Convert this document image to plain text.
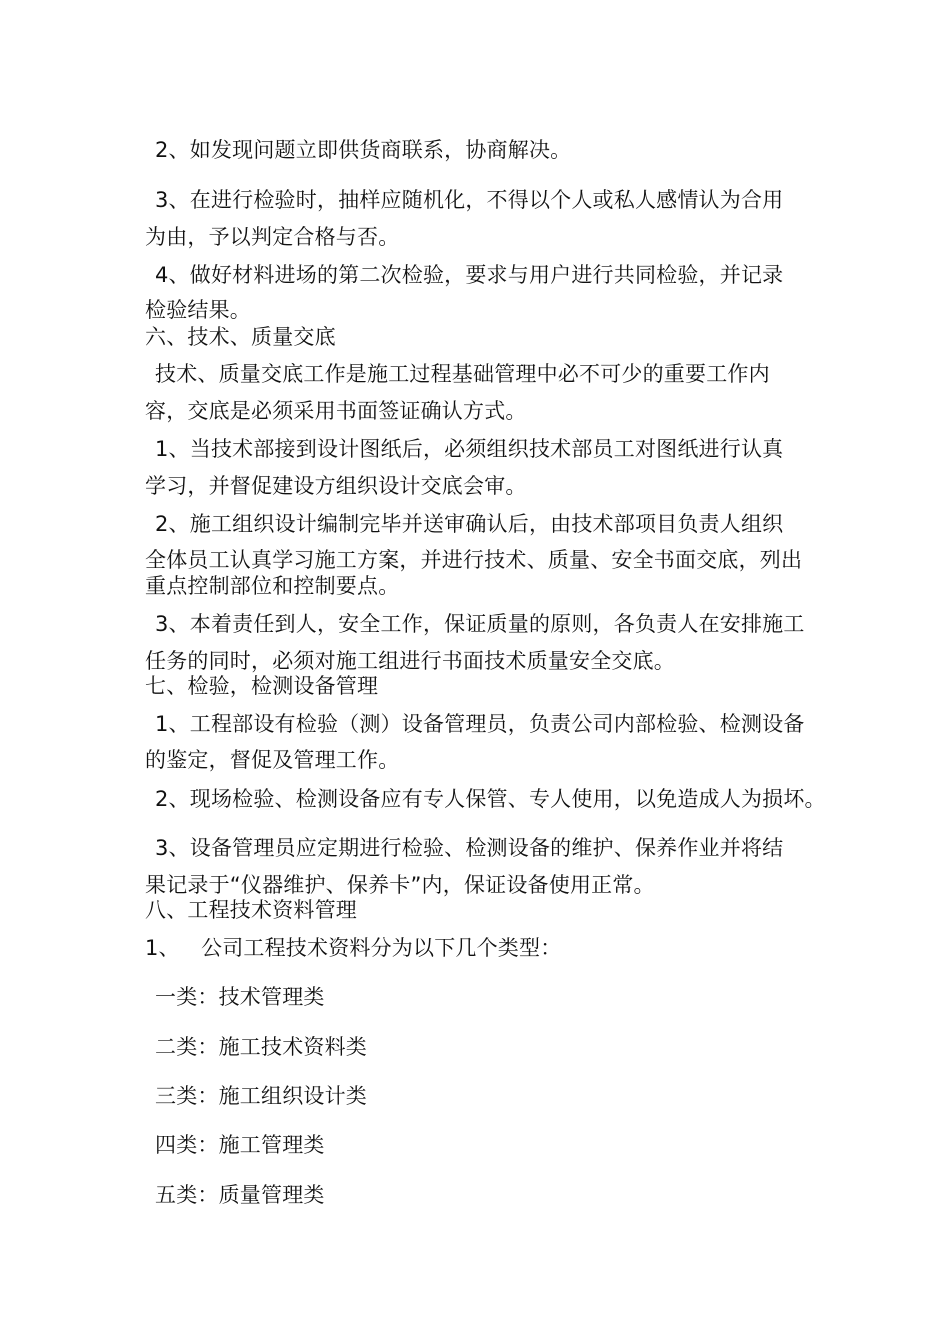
2、如发现问题立即供货商联系，协商解决。
3、在进行检验时，抽样应随机化，不得以个人或私人感情认为合用
为由，予以判定合格与否。
4、做好材料进场的第二次检验，要求与用户进行共同检验，并记录
检验结果。
六、技术、质量交底
技术、质量交底工作是施工过程基础管理中必不可少的重要工作内
容，交底是必须采用书面签证确认方式。
1、当技术部接到设计图纸后，必须组织技术部员工对图纸进行认真
学习，并督促建设方组织设计交底会审。
2、施工组织设计编制完毕并送审确认后，由技术部项目负责人组织
全体员工认真学习施工方案，并进行技术、质量、安全书面交底，列出
重点控制部位和控制要点。
3、本着责任到人，安全工作，保证质量的原则，各负责人在安排施工
任务的同时，必须对施工组进行书面技术质量安全交底。
七、检验，检测设备管理
1、工程部设有检验（测）设备管理员，负责公司内部检验、检测设备
的鉴定，督促及管理工作。
2、现场检验、检测设备应有专人保管、专人使用，以免造成人为损坏。
3、设备管理员应定期进行检验、检测设备的维护、保养作业并将结
果记录于“仪器维护、保养卡”内，保证设备使用正常。
八、工程技术资料管理
1、 公司工程技术资料分为以下几个类型：
一类：技术管理类
二类：施工技术资料类
三类：施工组织设计类
四类：施工管理类
五类：质量管理类
